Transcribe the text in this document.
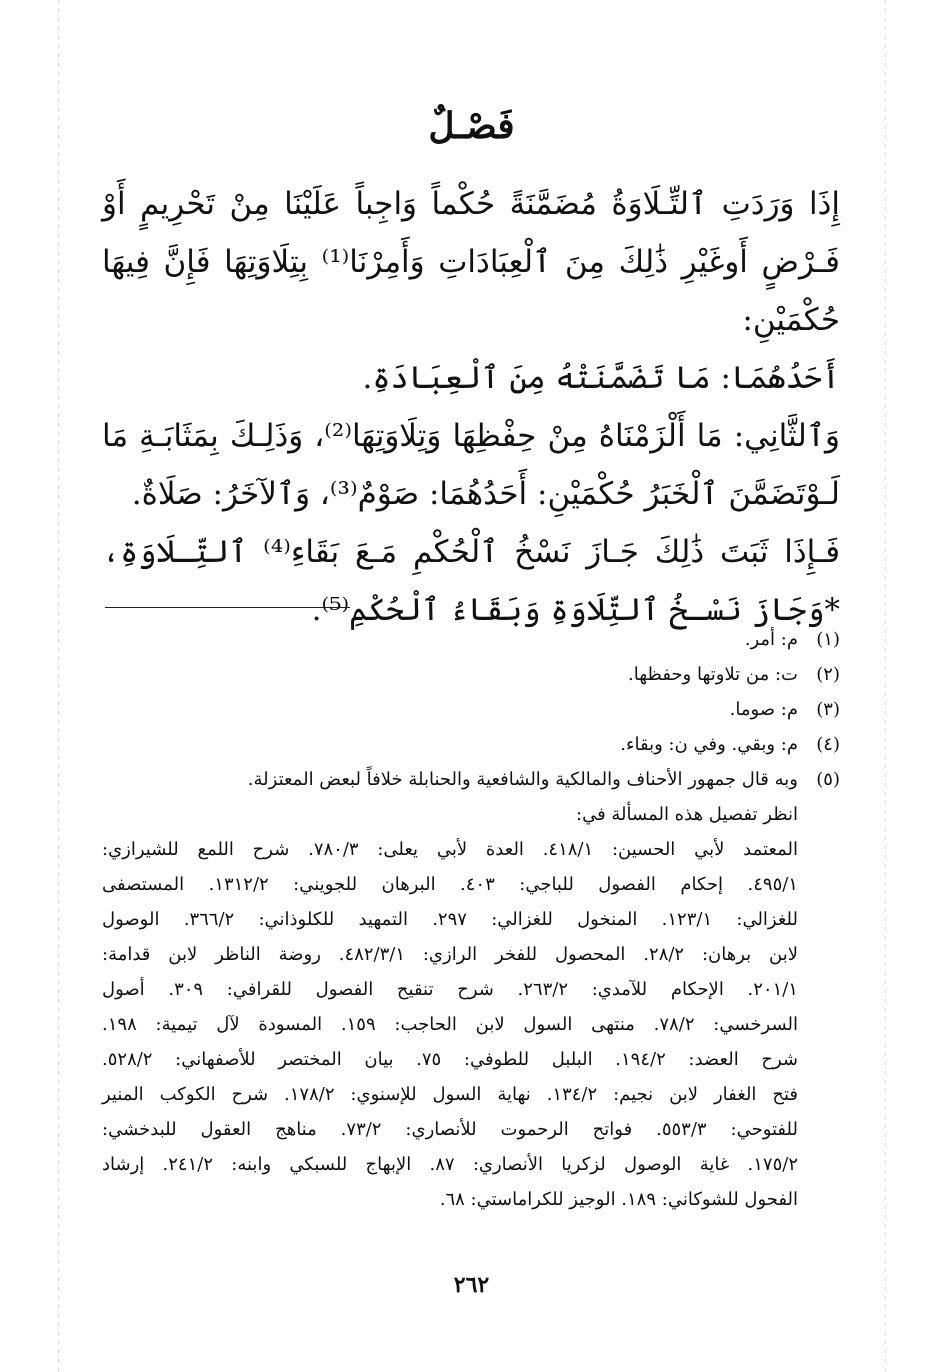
فَصْـلٌ

إِذَا وَرَدَتِ ٱلتِّـلَاوَةُ مُضَمَّنَةً حُكْماً وَاجِباً عَلَيْنَا مِنْ تَحْرِيمٍ أَوْ فَـرْضٍ أَوغَيْرِ ذَٰلِكَ مِنَ ٱلْعِبَادَاتِ وَأَمِرْنَا⁽¹⁾ بِتِلَاوَتِهَا فَإِنَّ فِيهَا حُكْمَيْنِ:

أَحَدُهُمَا: مَا تَضَمَّنَتْهُ مِنَ ٱلْعِبَادَةِ.

وَٱلثَّانِي: مَا أَلْزَمْنَاهُ مِنْ حِفْظِهَا وَتِلَاوَتِهَا⁽²⁾، وَذَلِـكَ بِمَثَابَـةِ مَا لَـوْتَضَمَّنَ ٱلْخَبَرُ حُكْمَيْنِ: أَحَدُهُمَا: صَوْمٌ⁽³⁾، وَٱلآخَرُ: صَلَاةٌ.

فَـإِذَا ثَبَتَ ذَٰلِكَ جَـازَ نَسْخُ ٱلْحُكْمِ مَـعَ بَقَاءِ⁽⁴⁾ ٱلتِّـلَاوَةِ، *وَجَازَ نَسْـخُ ٱلتِّلَاوَةِ وَبَقَاءُ ٱلْحُكْمِ⁽⁵⁾.

(١)
م: أمر.
(٢)
ت: من تلاوتها وحفظها.
(٣)
م: صوما.
(٤)
م: وبقي. وفي ن: وبقاء.
(٥)
وبه قال جمهور الأحناف والمالكية والشافعية والحنابلة خلافاً لبعض المعتزلة.
انظر تفصيل هذه المسألة في:
المعتمد لأبي الحسين: ٤١٨/١. العدة لأبي يعلى: ٧٨٠/٣. شرح اللمع للشيرازي:
٤٩٥/١. إحكام الفصول للباجي: ٤٠٣. البرهان للجويني: ١٣١٢/٢. المستصفى
للغزالي: ١٢٣/١. المنخول للغزالي: ٢٩٧. التمهيد للكلوذاني: ٣٦٦/٢. الوصول
لابن برهان: ٢٨/٢. المحصول للفخر الرازي: ٤٨٢/٣/١. روضة الناظر لابن قدامة:
٢٠١/١. الإحكام للآمدي: ٢٦٣/٢. شرح تنقيح الفصول للقرافي: ٣٠٩. أصول
السرخسي: ٧٨/٢. منتهى السول لابن الحاجب: ١٥٩. المسودة لآل تيمية: ١٩٨.
شرح العضد: ١٩٤/٢. البلبل للطوفي: ٧٥. بيان المختصر للأصفهاني: ٥٢٨/٢.
فتح الغفار لابن نجيم: ١٣٤/٢. نهاية السول للإسنوي: ١٧٨/٢. شرح الكوكب المنير
للفتوحي: ٥٥٣/٣. فواتح الرحموت للأنصاري: ٧٣/٢. مناهج العقول للبدخشي:
١٧٥/٢. غاية الوصول لزكريا الأنصاري: ٨٧. الإبهاج للسبكي وابنه: ٢٤١/٢. إرشاد
الفحول للشوكاني: ١٨٩. الوجيز للكراماستي: ٦٨.
٢٦٢
